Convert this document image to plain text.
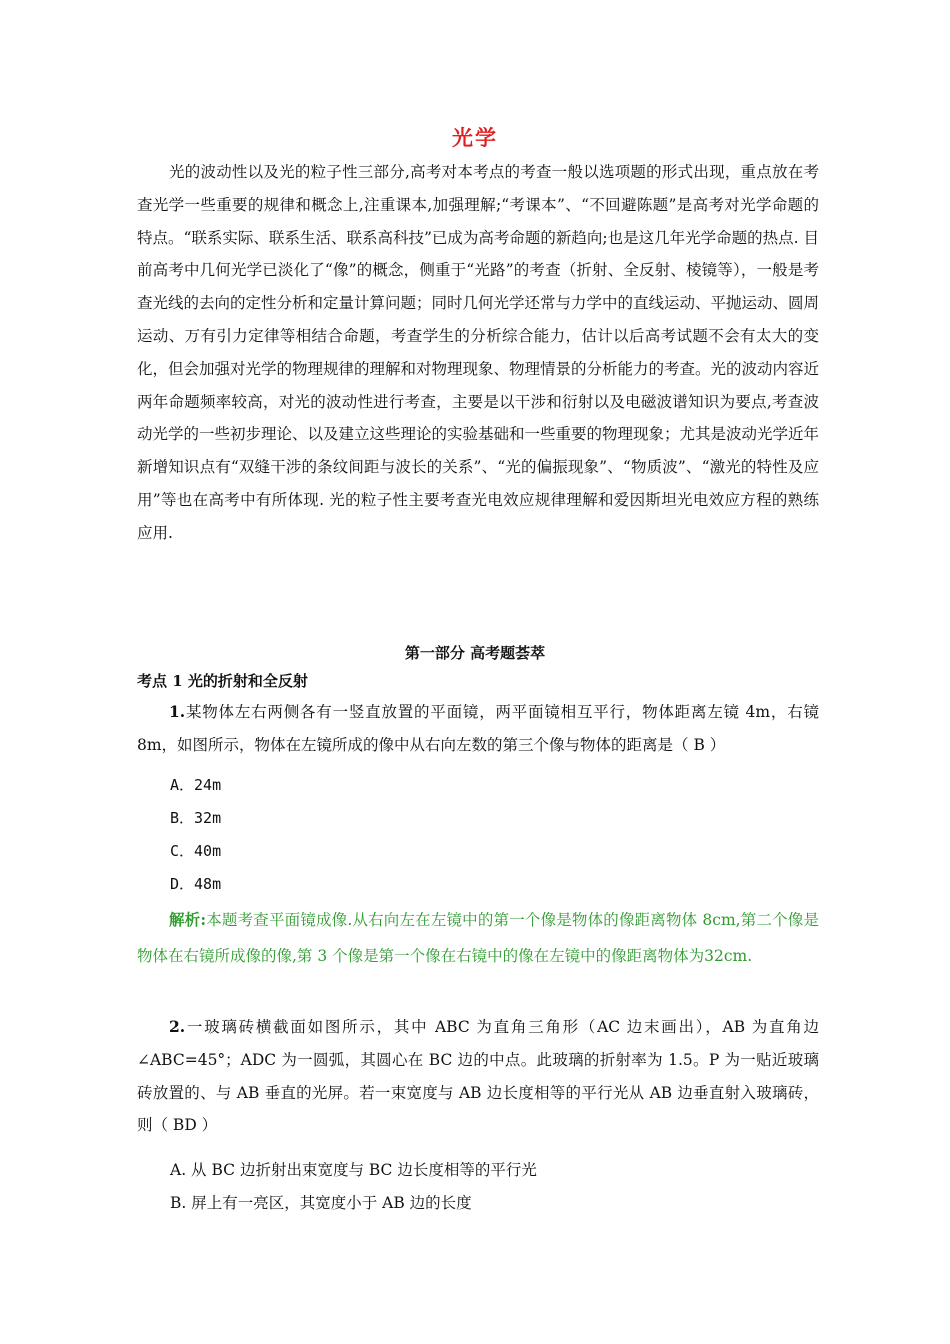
光学

光的波动性以及光的粒子性三部分,高考对本考点的考查一般以选项题的形式出现，重点放在考查光学一些重要的规律和概念上,注重课本,加强理解;“考课本”、“不回避陈题”是高考对光学命题的特点。“联系实际、联系生活、联系高科技”已成为高考命题的新趋向;也是这几年光学命题的热点. 目前高考中几何光学已淡化了“像”的概念，侧重于“光路”的考查（折射、全反射、棱镜等），一般是考查光线的去向的定性分析和定量计算问题；同时几何光学还常与力学中的直线运动、平抛运动、圆周运动、万有引力定律等相结合命题，考查学生的分析综合能力，估计以后高考试题不会有太大的变化，但会加强对光学的物理规律的理解和对物理现象、物理情景的分析能力的考查。光的波动内容近两年命题频率较高，对光的波动性进行考查，主要是以干涉和衍射以及电磁波谱知识为要点,考查波动光学的一些初步理论、以及建立这些理论的实验基础和一些重要的物理现象；尤其是波动光学近年新增知识点有“双缝干涉的条纹间距与波长的关系”、“光的偏振现象”、“物质波”、“激光的特性及应用”等也在高考中有所体现. 光的粒子性主要考查光电效应规律理解和爱因斯坦光电效应方程的熟练应用.

第一部分 高考题荟萃
考点 1 光的折射和全反射

1.某物体左右两侧各有一竖直放置的平面镜，两平面镜相互平行，物体距离左镜 4m，右镜 8m，如图所示，物体在左镜所成的像中从右向左数的第三个像与物体的距离是（ B ）

A．24m
B．32m
C．40m
D．48m

解析:本题考查平面镜成像.从右向左在左镜中的第一个像是物体的像距离物体 8cm,第二个像是物体在右镜所成像的像,第 3 个像是第一个像在右镜中的像在左镜中的像距离物体为32cm.

2.一玻璃砖横截面如图所示，其中 ABC 为直角三角形（AC 边末画出），AB 为直角边∠ABC=45°；ADC 为一圆弧，其圆心在 BC 边的中点。此玻璃的折射率为 1.5。P 为一贴近玻璃砖放置的、与 AB 垂直的光屏。若一束宽度与 AB 边长度相等的平行光从 AB 边垂直射入玻璃砖，则（ BD ）

A. 从 BC 边折射出束宽度与 BC 边长度相等的平行光
B. 屏上有一亮区，其宽度小于 AB 边的长度
